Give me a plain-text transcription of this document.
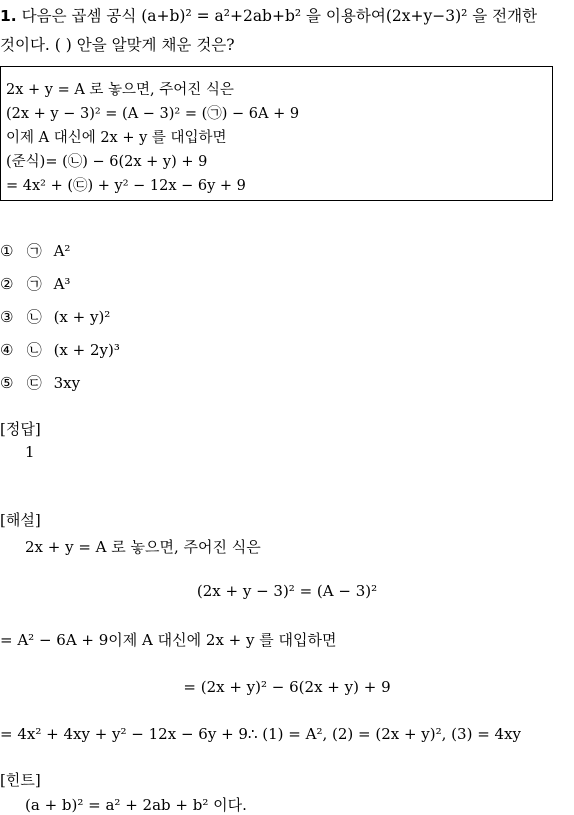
1. 다음은 곱셈 공식 (a+b)² = a²+2ab+b² 을 이용하여(2x+y−3)² 을 전개한
것이다. ( ) 안을 알맞게 채운 것은?
2x + y = A 로 놓으면, 주어진 식은
(2x + y − 3)² = (A − 3)² = (㉠) − 6A + 9
이제 A 대신에 2x + y 를 대입하면
(준식)= (㉡) − 6(2x + y) + 9
= 4x² + (㉢) + y² − 12x − 6y + 9
① ㉠ A²
② ㉠ A³
③ ㉡ (x + y)²
④ ㉡ (x + 2y)³
⑤ ㉢ 3xy
[정답]
1
[해설]
2x + y = A 로 놓으면, 주어진 식은
(2x + y − 3)² = (A − 3)²
= A² − 6A + 9이제 A 대신에 2x + y 를 대입하면
= (2x + y)² − 6(2x + y) + 9
= 4x² + 4xy + y² − 12x − 6y + 9∴ (1) = A², (2) = (2x + y)², (3) = 4xy
[힌트]
(a + b)² = a² + 2ab + b² 이다.
